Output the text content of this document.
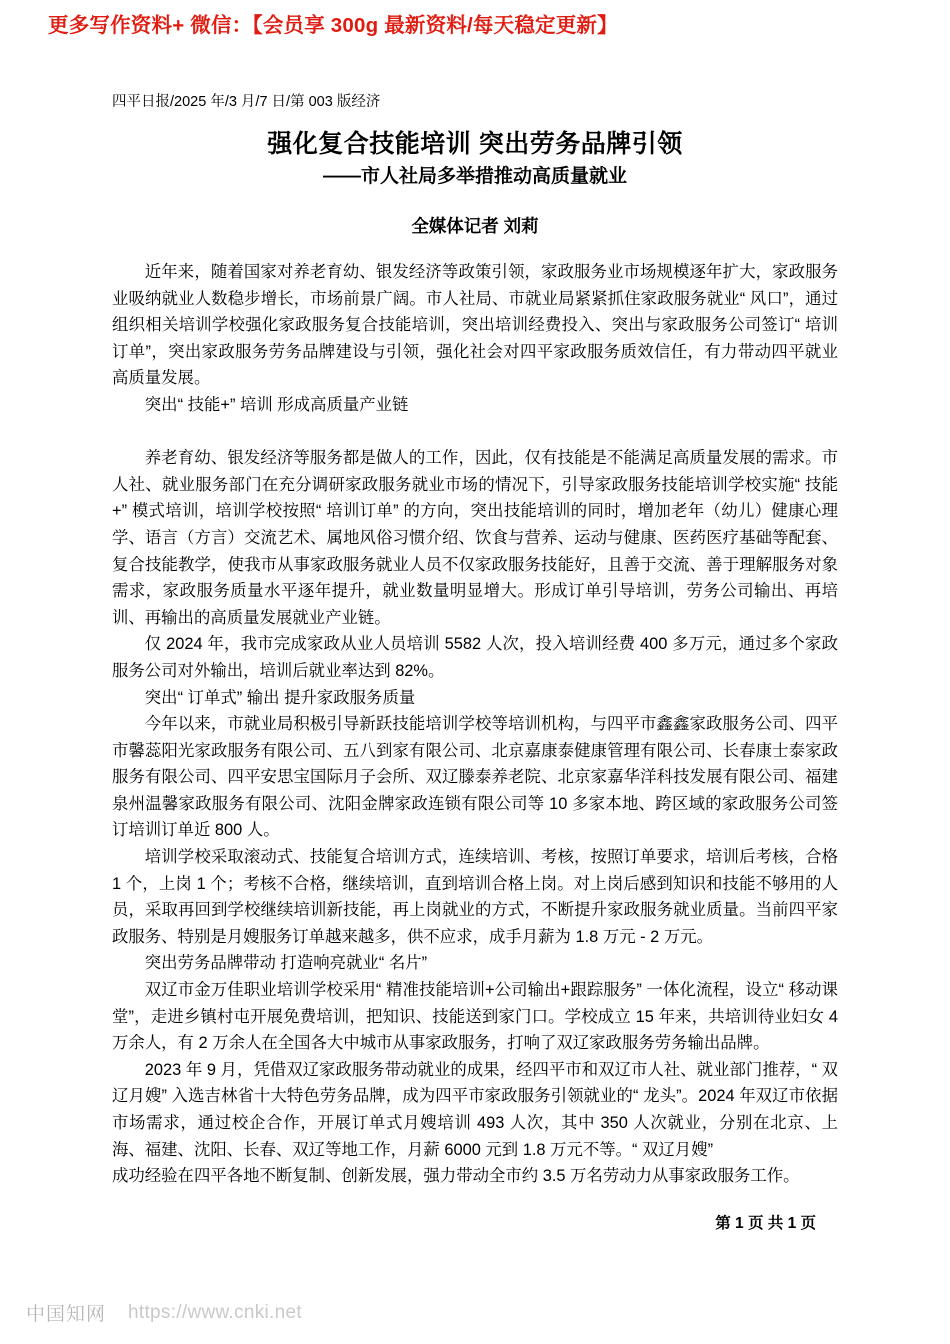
更多写作资料+ 微信：【会员享 300g 最新资料/每天稳定更新】
四平日报/2025 年/3 月/7 日/第 003 版经济
强化复合技能培训 突出劳务品牌引领
——市人社局多举措推动高质量就业
全媒体记者 刘莉

近年来，随着国家对养老育幼、银发经济等政策引领，家政服务业市场规模逐年扩大，家政服务业吸纳就业人数稳步增长，市场前景广阔。市人社局、市就业局紧紧抓住家政服务就业“ 风口”，通过组织相关培训学校强化家政服务复合技能培训，突出培训经费投入、突出与家政服务公司签订“ 培训订单”，突出家政服务劳务品牌建设与引领，强化社会对四平家政服务质效信任，有力带动四平就业高质量发展。

突出“ 技能+” 培训 形成高质量产业链

养老育幼、银发经济等服务都是做人的工作，因此，仅有技能是不能满足高质量发展的需求。市人社、就业服务部门在充分调研家政服务就业市场的情况下，引导家政服务技能培训学校实施“ 技能+” 模式培训，培训学校按照“ 培训订单” 的方向，突出技能培训的同时，增加老年（幼儿）健康心理学、语言（方言）交流艺术、属地风俗习惯介绍、饮食与营养、运动与健康、医药医疗基础等配套、复合技能教学，使我市从事家政服务就业人员不仅家政服务技能好，且善于交流、善于理解服务对象需求，家政服务质量水平逐年提升，就业数量明显增大。形成订单引导培训，劳务公司输出、再培训、再输出的高质量发展就业产业链。

仅 2024 年，我市完成家政从业人员培训 5582 人次，投入培训经费 400 多万元，通过多个家政服务公司对外输出，培训后就业率达到 82%。

突出“ 订单式” 输出 提升家政服务质量

今年以来，市就业局积极引导新跃技能培训学校等培训机构，与四平市鑫鑫家政服务公司、四平市馨蕊阳光家政服务有限公司、五八到家有限公司、北京嘉康泰健康管理有限公司、长春康士泰家政服务有限公司、四平安思宝国际月子会所、双辽滕泰养老院、北京家嘉华洋科技发展有限公司、福建泉州温馨家政服务有限公司、沈阳金牌家政连锁有限公司等 10 多家本地、跨区域的家政服务公司签订培训订单近 800 人。

培训学校采取滚动式、技能复合培训方式，连续培训、考核，按照订单要求，培训后考核，合格 1 个，上岗 1 个；考核不合格，继续培训，直到培训合格上岗。对上岗后感到知识和技能不够用的人员，采取再回到学校继续培训新技能，再上岗就业的方式，不断提升家政服务就业质量。当前四平家政服务、特别是月嫂服务订单越来越多，供不应求，成手月薪为 1.8 万元 - 2 万元。

突出劳务品牌带动 打造响亮就业“ 名片”

双辽市金万佳职业培训学校采用“ 精准技能培训+公司输出+跟踪服务” 一体化流程，设立“ 移动课堂”，走进乡镇村屯开展免费培训，把知识、技能送到家门口。学校成立 15 年来，共培训待业妇女 4 万余人，有 2 万余人在全国各大中城市从事家政服务，打响了双辽家政服务劳务输出品牌。

2023 年 9 月，凭借双辽家政服务带动就业的成果，经四平市和双辽市人社、就业部门推荐，“ 双辽月嫂” 入选吉林省十大特色劳务品牌，成为四平市家政服务引领就业的“ 龙头”。2024 年双辽市依据市场需求，通过校企合作，开展订单式月嫂培训 493 人次，其中 350 人次就业，分别在北京、上海、福建、沈阳、长春、双辽等地工作，月薪 6000 元到 1.8 万元不等。“ 双辽月嫂”

成功经验在四平各地不断复制、创新发展，强力带动全市约 3.5 万名劳动力从事家政服务工作。

第 1 页 共 1 页
中国知网 https://www.cnki.net
